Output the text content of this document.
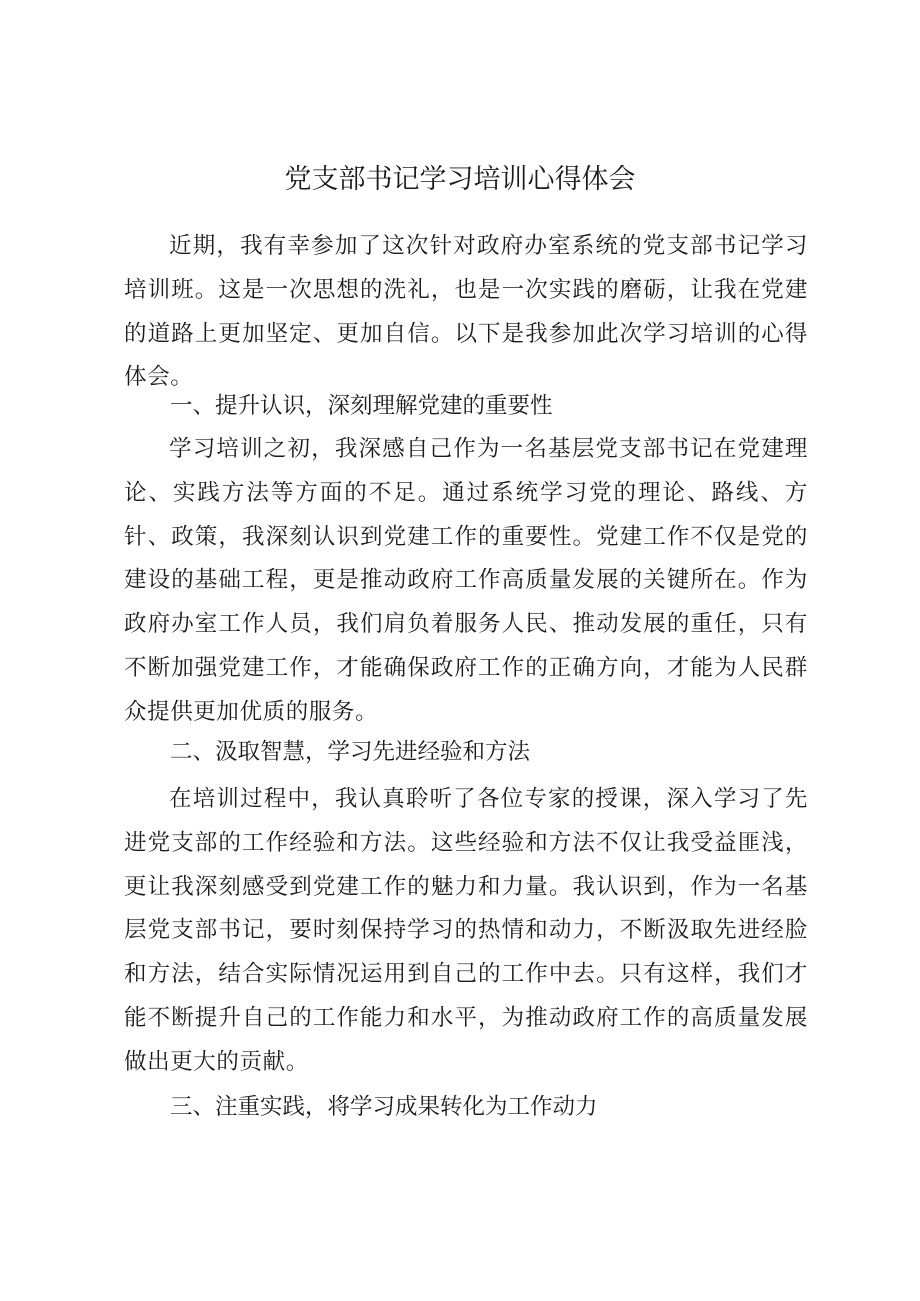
党支部书记学习培训心得体会

近期，我有幸参加了这次针对政府办室系统的党支部书记学习培训班。这是一次思想的洗礼，也是一次实践的磨砺，让我在党建的道路上更加坚定、更加自信。以下是我参加此次学习培训的心得体会。

一、提升认识，深刻理解党建的重要性

学习培训之初，我深感自己作为一名基层党支部书记在党建理论、实践方法等方面的不足。通过系统学习党的理论、路线、方针、政策，我深刻认识到党建工作的重要性。党建工作不仅是党的建设的基础工程，更是推动政府工作高质量发展的关键所在。作为政府办室工作人员，我们肩负着服务人民、推动发展的重任，只有不断加强党建工作，才能确保政府工作的正确方向，才能为人民群众提供更加优质的服务。

二、汲取智慧，学习先进经验和方法

在培训过程中，我认真聆听了各位专家的授课，深入学习了先进党支部的工作经验和方法。这些经验和方法不仅让我受益匪浅，更让我深刻感受到党建工作的魅力和力量。我认识到，作为一名基层党支部书记，要时刻保持学习的热情和动力，不断汲取先进经脸和方法，结合实际情况运用到自己的工作中去。只有这样，我们才能不断提升自己的工作能力和水平，为推动政府工作的高质量发展做出更大的贡献。

三、注重实践，将学习成果转化为工作动力
